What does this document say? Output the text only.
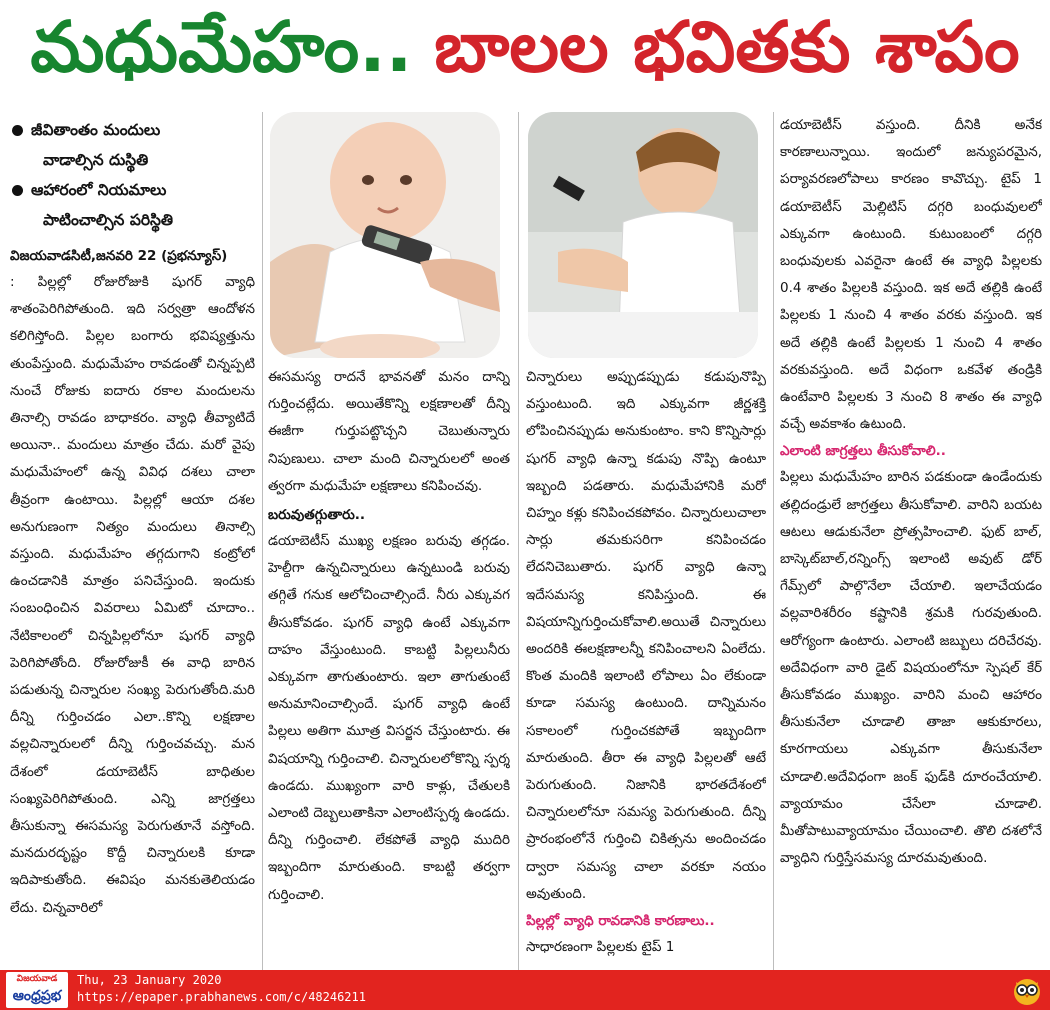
మధుమేహం.. బాలల భవితకు శాపం
జీవితాంతం మందులు
వాడాల్సిన దుస్థితి
ఆహారంలో నియమాలు
పాటించాల్సిన పరిస్థితి
విజయవాడసిటీ,జనవరి 22 (ప్రభన్యూస్)

: పిల్లల్లో రోజురోజుకి షుగర్ వ్యాధి శాతంపెరిగిపోతుంది. ఇది సర్వత్రా ఆందోళన కలిగిస్తోంది. పిల్లల బంగారు భవిష్యత్తును తుంపేస్తుంది. మధుమేహం రావడంతో చిన్నప్పటి నుంచే రోజుకు ఐదారు రకాల మందులను తినాల్సి రావడం బాధాకరం. వ్యాధి తీవ్యాటిదే అయినా.. మందులు మాత్రం చేదు. మరో వైపు మధుమేహంలో ఉన్న వివిధ దశలు చాలా తీవ్రంగా ఉంటాయి. పిల్లల్లో ఆయా దశల అనుగుణంగా నిత్యం మందులు తినాల్సి వస్తుంది. మధుమేహం తగ్గదుగాని కంట్రోలో ఉంచడానికి మాత్రం పనిచేస్తుంది. ఇందుకు సంబంధించిన వివరాలు ఏమిటో చూదాం.. నేటికాలంలో చిన్నపిల్లలోనూ షుగర్ వ్యాధి పెరిగిపోతోంది. రోజురోజుకీ ఈ వాధి బారిన పడుతున్న చిన్నారుల సంఖ్య పెరుగుతోంది.మరి దీన్ని గుర్తించడం ఎలా..కొన్ని లక్షణాల వల్లచిన్నారులలో దీన్ని గుర్తించవచ్చు. మన దేశంలో డయాబెటీస్ బాధితుల సంఖ్యపెరిగిపోతుంది. ఎన్ని జాగ్రత్తలు తీసుకున్నా ఈసమస్య పెరుగుతూనే వస్తోంది. మనదురదృష్టం కొద్దీ చిన్నారులకి కూడా ఇదిపాకుతోంది. ఈవిషం మనకుతెలియడం లేదు. చిన్నవారిలో

ఈసమస్య రాదనే భావనతో మనం దాన్ని గుర్తించట్లేదు. అయితేకొన్ని లక్షణాలతో దీన్ని ఈజీగా గుర్తుపట్టొచ్చని చెబుతున్నారు నిపుణులు. చాలా మంది చిన్నారులలో అంత త్వరగా మధుమేహ లక్షణాలు కనిపించవు.

బరువుతగ్గుతారు..

డయాబెటీస్ ముఖ్య లక్షణం బరువు తగ్గడం. హెల్దీగా ఉన్నచిన్నారులు ఉన్నటుండి బరువు తగ్గితే గనుక ఆలోచించాల్సిందే. నీరు ఎక్కువగ తీసుకోవడం. షుగర్ వ్యాధి ఉంటే ఎక్కువగా దాహం వేస్తుంటుంది. కాబట్టి పిల్లలునీరు ఎక్కువగా తాగుతుంటారు. ఇలా తాగుతుంటే అనుమానించాల్సిందే. షుగర్ వ్యాధి ఉంటే పిల్లలు అతిగా మూత్ర విసర్జన చేస్తుంటారు. ఈ విషయాన్ని గుర్తించాలి. చిన్నారులలోకొన్ని స్పర్శ ఉండదు. ముఖ్యంగా వారి కాళ్లు, చేతులకి ఎలాంటి దెబ్బలుతాకినా ఎలాంటిస్పర్శ ఉండదు. దీన్ని గుర్తించాలి. లేకపోతే వ్యాధి ముదిరి ఇబ్బందిగా మారుతుంది. కాబట్టి తర్వగా గుర్తించాలి.

చిన్నారులు అప్పుడప్పుడు కడుపునొప్పి వస్తుంటుంది. ఇది ఎక్కువగా జీర్ణశక్తి లోపించినప్పుడు అనుకుంటాం. కాని కొన్నిసార్లు షుగర్ వ్యాధి ఉన్నా కడుపు నొప్పి ఉంటూ ఇబ్బంది పడతారు. మధుమేహానికి మరో చిహ్నం కళ్లు కనిపించకపోవం. చిన్నారులుచాలా సార్లు తమకుసరిగా కనిపించడం లేదనిచెబుతారు. షుగర్ వ్యాధి ఉన్నా ఇదేసమస్య కనిపిస్తుంది. ఈ విషయాన్నిగుర్తించుకోవాలి.అయితే చిన్నారులు అందరికి ఈలక్షణాలన్నీ కనిపించాలని ఏంలేదు. కొంత మందికి ఇలాంటి లోపాలు ఏం లేకుండా కూడా సమస్య ఉంటుంది. దాన్నిమనం సకాలంలో గుర్తించకపోతే ఇబ్బందిగా మారుతుంది. తీరా ఈ వ్యాధి పిల్లలతో ఆటే పెరుగుతుంది. నిజానికి భారతదేశంలో చిన్నారులలోనూ సమస్య పెరుగుతుంది. దీన్ని ప్రారంభంలోనే గుర్తించి చికిత్సను అందించడం ద్వారా సమస్య చాలా వరకూ నయం అవుతుంది.

పిల్లల్లో వ్యాధి రావడానికి కారణాలు..

సాధారణంగా పిల్లలకు టైప్ 1

డయాబెటీస్ వస్తుంది. దీనికి అనేక కారణాలున్నాయి. ఇందులో జన్యుపరమైన, పర్యావరణలోపాలు కారణం కావొచ్చు. టైప్ 1 డయాబెటీస్ మెల్లిటిస్ దగ్గరి బంధువులలో ఎక్కువగా ఉంటుంది. కుటుంబంలో దగ్గరి బంధువులకు ఎవరైనా ఉంటే ఈ వ్యాధి పిల్లలకు 0.4 శాతం పిల్లలకి వస్తుంది. ఇక అదే తల్లికి ఉంటే పిల్లలకు 1 నుంచి 4 శాతం వరకు వస్తుంది. ఇక అదే తల్లికి ఉంటే పిల్లలకు 1 నుంచి 4 శాతం వరకువస్తుంది. అదే విధంగా ఒకవేళ తండ్రికి ఉంటేవారి పిల్లలకు 3 నుంచి 8 శాతం ఈ వ్యాధి వచ్చే అవకాశం ఉటుంది.

ఎలాంటి జాగ్రత్తలు తీసుకోవాలి..

పిల్లలు మధుమేహం బారిన పడకుండా ఉండేందుకు తల్లిదండ్రులే జాగ్రత్తలు తీసుకోవాలి. వారిని బయట ఆటలు ఆడుకునేలా ప్రోత్సహించాలి. ఫుట్ బాల్, బాస్కెట్‌బాల్,రన్నింగ్స్ ఇలాంటి అవుట్ డోర్ గేమ్స్‌లో పాల్గొనేలా చేయాలి. ఇలాచేయడం వల్లవారిశరీరం కష్టానికి శ్రమకి గురవుతుంది. ఆరోగ్యంగా ఉంటారు. ఎలాంటి జబ్బులు దరిచేరవు. అదేవిధంగా వారి డైట్ విషయంలోనూ స్పెషల్ కేర్ తీసుకోవడం ముఖ్యం. వారిని మంచి ఆహారం తీసుకునేలా చూడాలి తాజా ఆకుకూరలు, కూరగాయలు ఎక్కువగా తీసుకునేలా చూడాలి.అదేవిధంగా జంక్ ఫుడ్‌కి దూరంచేయాలి. వ్యాయామం చేసేలా చూడాలి. మీతోపాటువ్యాయామం చేయించాలి. తొలి దశలోనే వ్యాధిని గుర్తిస్తేసమస్య దూరమవుతుంది.

విజయవాడ
ఆంధ్రప్రభ
Thu, 23 January 2020
https://epaper.prabhanews.com/c/48246211
